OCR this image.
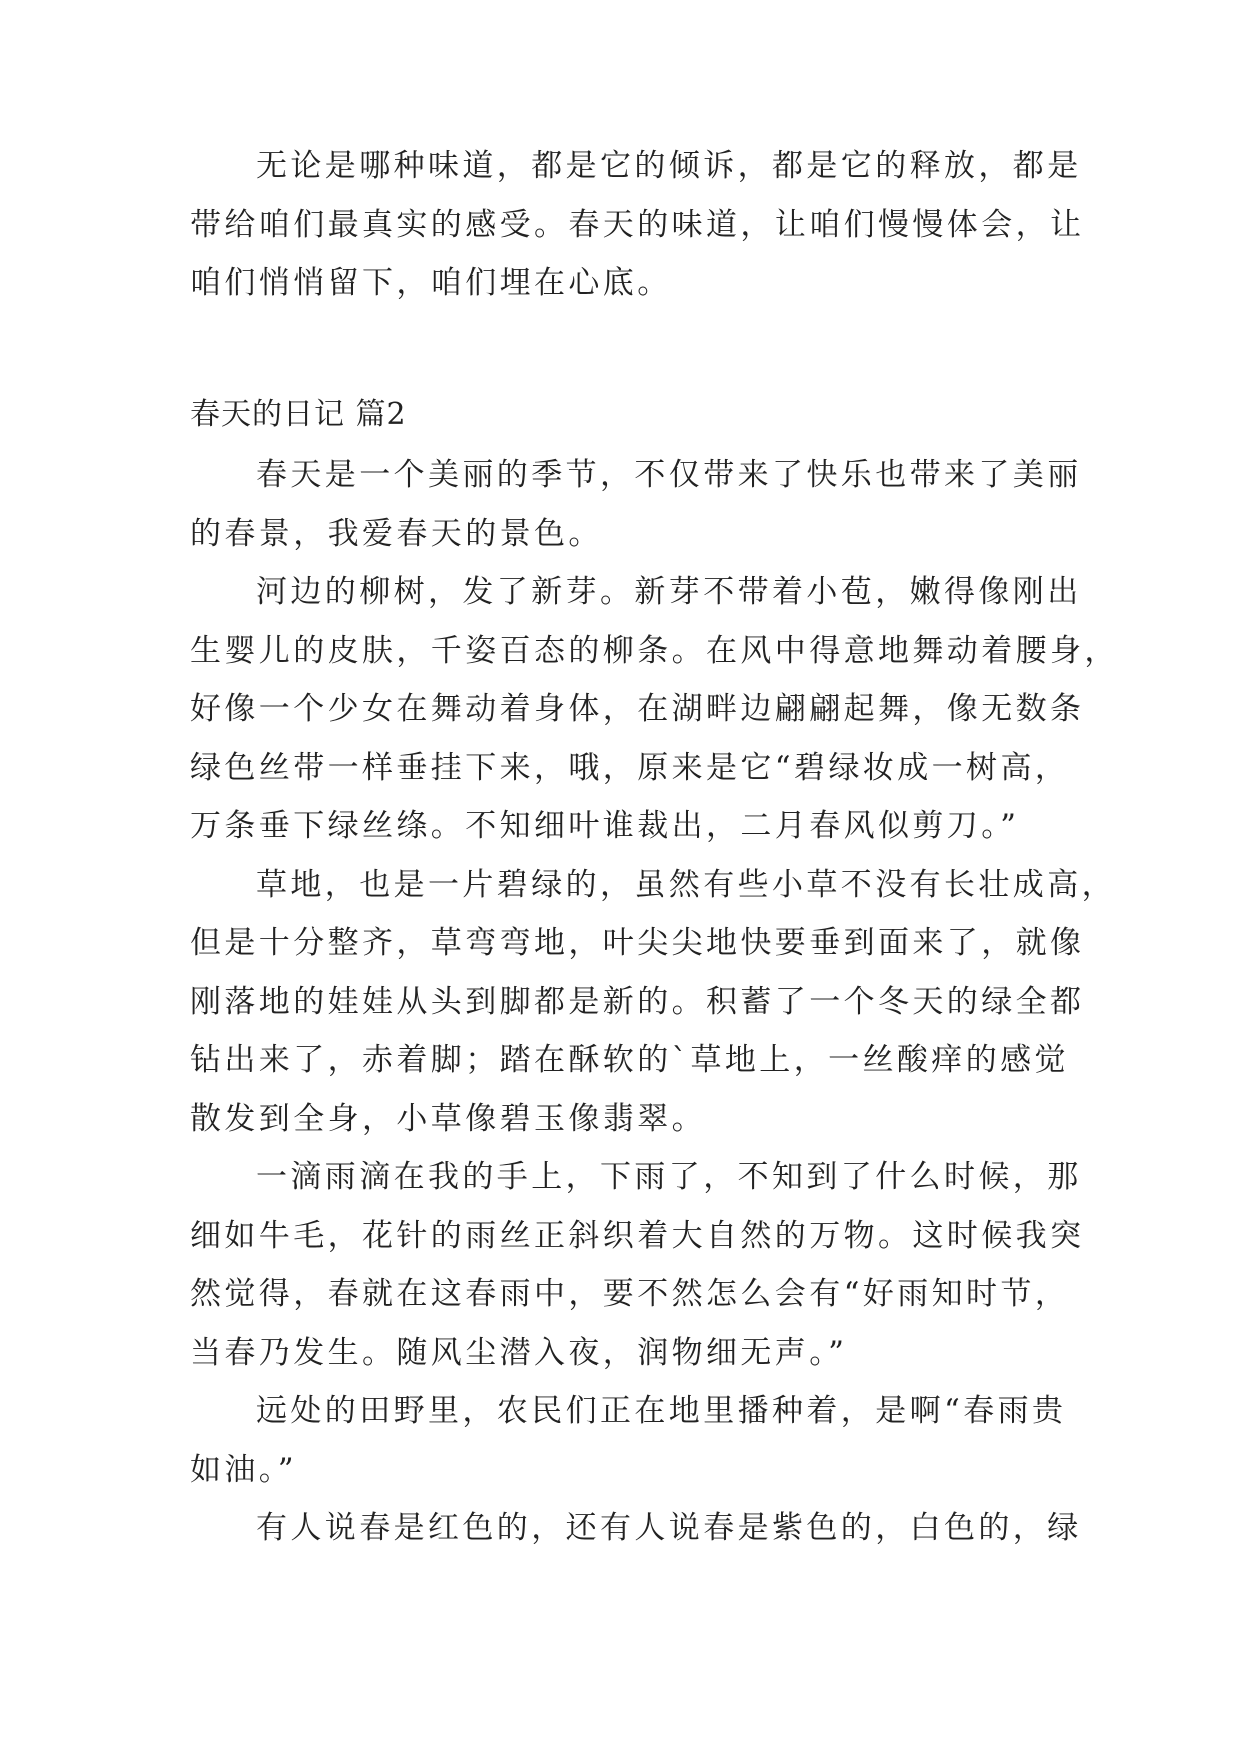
无论是哪种味道，都是它的倾诉，都是它的释放，都是
带给咱们最真实的感受。春天的味道，让咱们慢慢体会，让
咱们悄悄留下，咱们埋在心底。
春天的日记 篇2
春天是一个美丽的季节，不仅带来了快乐也带来了美丽
的春景，我爱春天的景色。
河边的柳树，发了新芽。新芽不带着小苞，嫩得像刚出
生婴儿的皮肤，千姿百态的柳条。在风中得意地舞动着腰身，
好像一个少女在舞动着身体，在湖畔边翩翩起舞，像无数条
绿色丝带一样垂挂下来，哦，原来是它“碧绿妆成一树高，
万条垂下绿丝绦。不知细叶谁裁出，二月春风似剪刀。”
草地，也是一片碧绿的，虽然有些小草不没有长壮成高，
但是十分整齐，草弯弯地，叶尖尖地快要垂到面来了，就像
刚落地的娃娃从头到脚都是新的。积蓄了一个冬天的绿全都
钻出来了，赤着脚；踏在酥软的`草地上，一丝酸痒的感觉
散发到全身，小草像碧玉像翡翠。
一滴雨滴在我的手上，下雨了，不知到了什么时候，那
细如牛毛，花针的雨丝正斜织着大自然的万物。这时候我突
然觉得，春就在这春雨中，要不然怎么会有“好雨知时节，
当春乃发生。随风尘潜入夜，润物细无声。”
远处的田野里，农民们正在地里播种着，是啊“春雨贵
如油。”
有人说春是红色的，还有人说春是紫色的，白色的，绿
